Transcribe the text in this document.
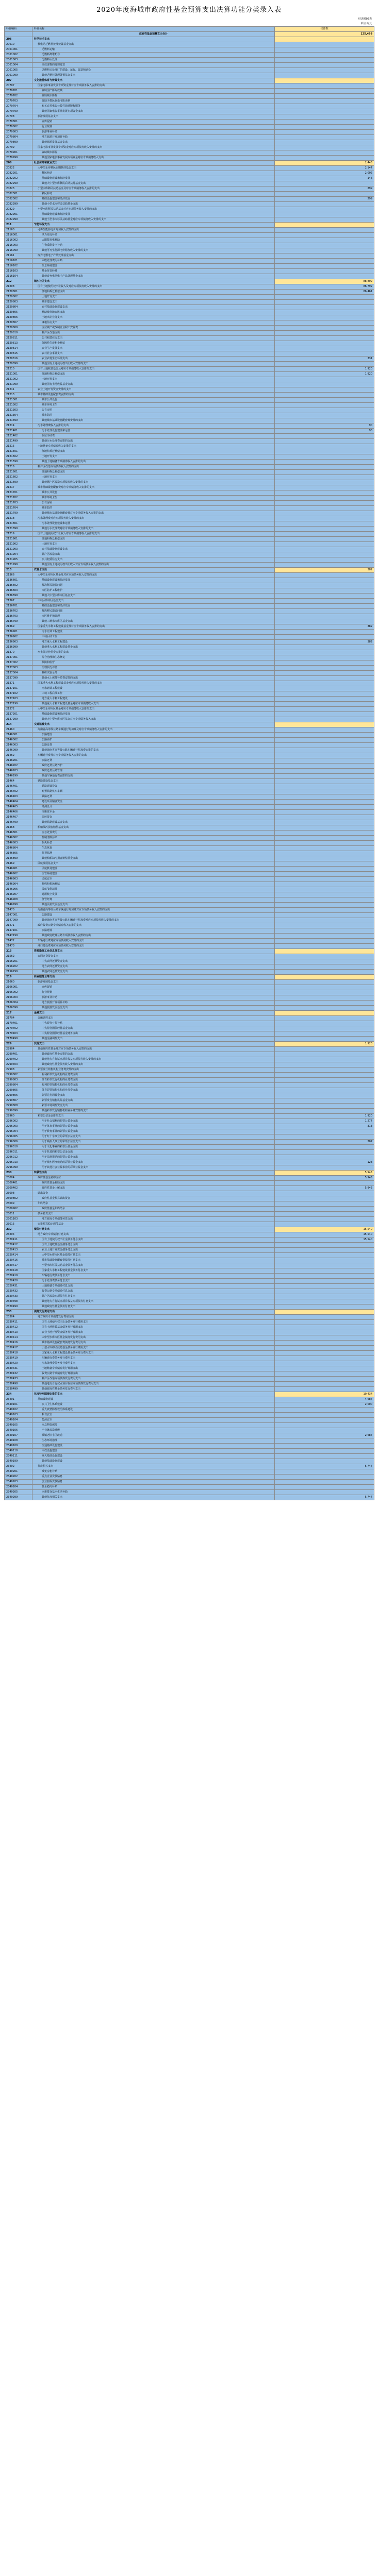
2020年度海城市政府性基金预算支出决算功能分类录入表
财决附02表
单位:万元
科目编码	科目名称	决算数
	政府性基金预算支出合计	125,469
206	科学技术支出	
20610	核电站乏燃料处理处置基金支出	
2061001	乏燃料运输	
2061002	乏燃料离堆贮存	
2061003	乏燃料后处理	
2061004	高放废物的处理处置	
2061005	乏燃料后处理厂的建设、运行、改造和退役	
2061099	其他乏燃料处理处置基金支出	
207	文化旅游体育与传媒支出	
20707	国家电影事业发展专项资金及对应专项债务收入安排的支出	
2070701	资助国产影片放映	
2070702	资助城市影院	
2070703	资助少数民族语电影译制	
2070704	购买农村电影公益性放映版权服务	
2070799	其他国家电影事业发展专项资金支出	
20708	旅游发展基金支出	
2070801	宣传促销	
2070802	行业规划	
2070803	旅游事业补助	
2070804	地方旅游开发项目补助	
2070899	其他旅游发展基金支出	
20709	国家电影事业发展专项资金对应专项债务收入安排的支出	
2070901	资助城市影院	
2070999	其他国家电影事业发展专项资金对应专项债务收入支出	
208	社会保障和就业支出	2,446
20822	大中型水库移民后期扶持基金支出	2,147
2082201	移民补助	2,002
2082202	基础设施建设和经济发展	145
2082299	其他大中型水库移民后期扶持基金支出	
20823	小型水库移民扶助基金及对应专项债务收入安排的支出	299
2082301	移民补助	
2082302	基础设施建设和经济发展	299
2082399	其他小型水库移民扶助基金支出	
20829	小型水库移民扶助基金对应专项债务收入安排的支出	
2082901	基础设施建设和经济发展	
2082999	其他小型水库移民扶助基金对应专项债务收入安排的支出	
211	节能环保支出	
21160	可再生能源电价附加收入安排的支出	
2116001	风力发电补助	
2116002	太阳能发电补助	
2116003	生物质能发电补助	
2116099	其他可再生能源电价附加收入安排的支出	
21161	废弃电器电子产品处理基金支出	
2116101	回收处理费用补贴	
2116102	信息系统建设	
2116103	基金征管经费	
2116104	其他废弃电器电子产品处理基金支出	
212	城乡社区支出	88,802
21208	国有土地使用权出让收入及对应专项债务收入安排的支出	86,792
2120801	征地和拆迁补偿支出	86,461
2120802	土地开发支出	
2120803	城市建设支出	
2120804	农村基础设施建设支出	
2120805	补助被征地农民支出	
2120806	土地出让业务支出	
2120807	廉租住房支出	
2120809	支付破产或改制企业职工安置费	
2120810	棚户区改造支出	
2120811	公共租赁住房支出	
2120813	保障性住房租金补贴	
2120814	农业生产发展支出	
2120815	农村社会事业支出	
2120816	农业农村生态环境支出	331
2120899	其他国有土地使用权出让收入安排的支出	
21210	国有土地收益基金及对应专项债务收入安排的支出	1,920
2121001	征地和拆迁补偿支出	1,920
2121002	土地开发支出	
2121099	其他国有土地收益基金支出	
21211	农业土地开发资金安排的支出	
21213	城市基础设施配套费安排的支出	
2121301	城市公共设施	
2121302	城市环境卫生	
2121303	公有房屋	
2121304	城市防洪	
2121399	其他城市基础设施配套费安排的支出	
21214	污水处理费收入安排的支出	90
2121401	污水处理设施建设和运营	90
2121402	代征手续费	
2121499	其他污水处理费安排的支出	
21215	土地储备专项债券收入安排的支出	
2121501	征地和拆迁补偿支出	
2121502	土地开发支出	
2121599	其他土地储备专项债券收入安排的支出	
21216	棚户区改造专项债券收入安排的支出	
2121601	征地和拆迁补偿支出	
2121602	土地开发支出	
2121699	其他棚户区改造专项债券收入安排的支出	
21217	城市基础设施配套费对应专项债务收入安排的支出	
2121701	城市公共设施	
2121702	城市环境卫生	
2121703	公有房屋	
2121704	城市防洪	
2121799	其他城市基础设施配套费对应专项债务收入安排的支出	
21218	污水处理费对应专项债务收入安排的支出	
2121801	污水处理设施建设和运营	
2121899	其他污水处理费对应专项债务收入安排的支出	
21219	国有土地使用权出让收入对应专项债务收入安排的支出	
2121901	征地和拆迁补偿支出	
2121902	土地开发支出	
2121903	农村基础设施建设支出	
2121904	棚户区改造支出	
2121905	公共租赁住房支出	
2121999	其他国有土地使用权出让收入对应专项债务收入安排的支出	
213	农林水支出	382
21366	大中型水库库区基金及对应专项债务收入安排的支出	
2136601	基础设施建设和经济发展	
2136602	解决移民遗留问题	
2136603	库区防护工程维护	
2136699	其他大中型水库库区基金支出	
21367	三峡水库库区基金支出	
2136701	基础设施建设和经济发展	
2136702	解决移民遗留问题	
2136703	库区维护和管理	
2136799	其他三峡水库库区基金支出	
21369	国家重大水利工程建设基金及对应专项债务收入安排的支出	382
2136901	南水北调工程建设	
2136902	三峡后续工作	
2136903	地方重大水利工程建设	382
2136999	其他重大水利工程建设基金支出	
21370	水土保持补偿费安排的支出	
2137001	综合治理和生态修复	
2137002	预防和监督	
2137003	治理状况评估	
2137004	科研试验示范	
2137099	其他水土保持补偿费安排的支出	
21371	国家重大水利工程建设基金对应专项债务收入安排的支出	
2137101	南水北调工程建设	
2137102	三峡工程后续工作	
2137103	地方重大水利工程建设	
2137199	其他重大水利工程建设基金对应专项债务收入支出	
21372	大中型水库库区基金对应专项债务收入安排的支出	
2137201	基础设施建设和经济发展	
2137299	其他大中型水库库区基金对应专项债务收入支出	
214	交通运输支出	
21460	海南省高等级公路车辆通行附加费及对应专项债务收入安排的支出	
2146001	公路建设	
2146002	公路养护	
2146003	公路还贷	
2146099	其他海南省高等级公路车辆通行附加费安排的支出	
21462	车辆通行费及对应专项债务收入安排的支出	
2146201	公路还贷	
2146202	政府还贷公路养护	
2146203	政府还贷公路管理	
2146299	其他车辆通行费安排的支出	
21464	铁路建设基金支出	
2146401	铁路建设投资	
2146402	购置铁路机车车辆	
2146403	铁路还贷	
2146404	建设项目铺底资金	
2146405	勘测设计	
2146406	注册资本金	
2146407	周转资金	
2146499	其他铁路建设基金支出	
21468	船舶油污损害赔偿基金支出	
2146801	应急处置费用	
2146802	控制清除污染	
2146803	损失补偿	
2146804	生态恢复	
2146805	监视监测	
2146899	其他船舶油污损害赔偿基金支出	
21469	民航发展基金支出	
2146901	民航机场建设	
2146902	空管系统建设	
2146903	民航安全	
2146904	航线和机场补贴	
2146906	民航节能减排	
2146907	通用航空发展	
2146908	征管经费	
2146999	其他民航发展基金支出	
21470	海南省高等级公路车辆通行附加费对应专项债务收入安排的支出	
2147001	公路建设	
2147099	其他海南省高等级公路车辆通行附加费对应专项债务收入安排的支出	
21471	政府收费公路专项债券收入安排的支出	
2147101	公路建设	
2147199	其他政府收费公路专项债券收入安排的支出	
21472	车辆通行费对应专项债务收入安排的支出	
21473	港口建设费对应专项债务收入安排的支出	
215	资源勘探工业信息等支出	
21562	农网还贷资金支出	
2156201	中央农网还贷资金支出	
2156202	地方农网还贷资金支出	
2156299	其他农网还贷资金支出	
216	商业服务业等支出	
21660	旅游发展基金支出	
2166001	宣传促销	
2166002	行业规划	
2166003	旅游事业补助	
2166004	地方旅游开发项目补助	
2166099	其他旅游发展基金支出	
217	金融支出	
21704	金融调控支出	
2170401	中央银行亏损补贴	
2170402	中央特别国债经营基金支出	
2170403	中央特别国债经营基金财务支出	
2170499	其他金融调控支出	
229	其他支出	1,920
22904	其他政府性基金及对应专项债务收入安排的支出	
2290401	其他政府性基金安排的支出	
2290402	其他地方自行试点项目收益专项债券收入安排的支出	
2290403	其他政府性基金债务收入安排的支出	
22908	彩票发行销售机构业务费安排的支出	
2290802	福利彩票发行机构的业务费支出	
2290803	体育彩票发行机构的业务费支出	
2290804	福利彩票销售机构的业务费支出	
2290805	体育彩票销售机构的业务费支出	
2290806	彩票兑奖周转金支出	
2290807	彩票发行销售风险基金支出	
2290808	彩票市场调控资金支出	
2290899	其他彩票发行销售机构业务费安排的支出	
22960	彩票公益金安排的支出	1,920
2296002	用于社会福利的彩票公益金支出	1,277
2296003	用于体育事业的彩票公益金支出	313
2296004	用于教育事业的彩票公益金支出	
2296005	用于红十字事业的彩票公益金支出	
2296006	用于残疾人事业的彩票公益金支出	207
2296010	用于文化事业的彩票公益金支出	
2296011	用于扶贫的彩票公益金支出	
2296012	用于法律援助的彩票公益金支出	
2296013	用于城乡医疗救助的彩票公益金支出	123
2296099	用于其他社会公益事业的彩票公益金支出	
230	转移性支出	5,945
23004	政府性基金转移支付	5,945
2300401	政府性基金补助支出	
2300402	政府性基金上解支出	5,945
23008	调出资金	
2300802	政府性基金预算调出资金	
23009	年终结余	
2300902	政府性基金年终结余	
23011	债务转贷支出	
2301103	地方政府专项债务转贷支出	
23015	安排预算稳定调节基金	
232	债务付息支出	15,540
23204	地方政府专项债务付息支出	15,540
2320411	国有土地使用权出让金债务付息支出	15,540
2320412	国有土地收益基金债务付息支出	
2320413	农业土地开发资金债务付息支出	
2320414	大中型水库库区基金债务付息支出	
2320416	城市基础设施配套费债务付息支出	
2320417	小型水库移民扶助基金债务付息支出	
2320418	国家重大水利工程建设基金债务付息支出	
2320419	车辆通行费债务付息支出	
2320420	污水处理费债务付息支出	
2320431	土地储备专项债券付息支出	
2320432	收费公路专项债券付息支出	
2320433	棚户区改造专项债券付息支出	
2320498	其他地方自行试点项目收益专项债券付息支出	
2320499	其他政府性基金债务付息支出	
233	债务发行费用支出	
23304	地方政府专项债务发行费用支出	
2330411	国有土地使用权出让金债务发行费用支出	
2330412	国有土地收益基金债务发行费用支出	
2330413	农业土地开发资金债务发行费用支出	
2330414	大中型水库库区基金债务发行费用支出	
2330416	城市基础设施配套费债务发行费用支出	
2330417	小型水库移民扶助基金债务发行费用支出	
2330418	国家重大水利工程建设基金债务发行费用支出	
2330419	车辆通行费债务发行费用支出	
2330420	污水处理费债务发行费用支出	
2330431	土地储备专项债券发行费用支出	
2330432	收费公路专项债券发行费用支出	
2330433	棚户区改造专项债券发行费用支出	
2330498	其他地方自行试点项目收益专项债券发行费用支出	
2330499	其他政府性基金债务发行费用支出	
234	抗疫特别国债安排的支出	10,434
23401	基础设施建设	4,687
2340101	公共卫生体系建设	2,000
2340102	重大疫情防控救治体系建设	
2340103	粮食安全	
2340104	能源安全	
2340105	应急物资保障	
2340106	产业链改造升级	
2340107	城镇老旧小区改造	2,687
2340108	生态环境治理	
2340109	交通基础设施建设	
2340110	市政设施建设	
2340111	重大基础设施建设	
2340199	其他基础设施建设	
23402	抗疫相关支出	5,747
2340201	减免房租补贴	
2340202	重点企业贷款贴息	
2340203	创业担保贷款贴息	
2340204	援企稳岗补贴	
2340205	困难群众基本生活补助	
2340299	其他抗疫相关支出	5,747
